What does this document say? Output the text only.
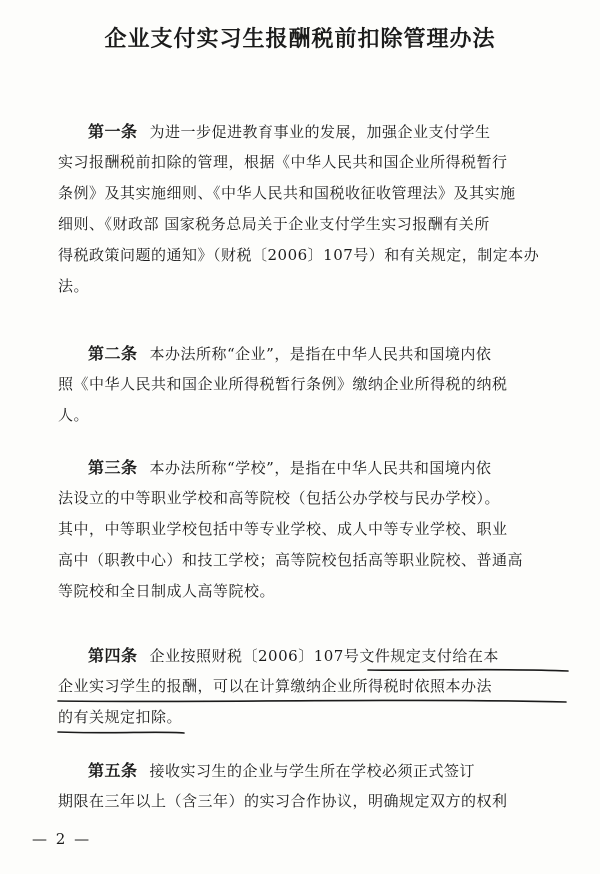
企业支付实习生报酬税前扣除管理办法
第一条 为进一步促进教育事业的发展，加强企业支付学生
实习报酬税前扣除的管理，根据《中华人民共和国企业所得税暂行
条例》及其实施细则、《中华人民共和国税收征收管理法》及其实施
细则、《财政部 国家税务总局关于企业支付学生实习报酬有关所
得税政策问题的通知》（财税〔2006〕107号）和有关规定，制定本办
法。
第二条 本办法所称“企业”，是指在中华人民共和国境内依
照《中华人民共和国企业所得税暂行条例》缴纳企业所得税的纳税
人。
第三条 本办法所称“学校”，是指在中华人民共和国境内依
法设立的中等职业学校和高等院校（包括公办学校与民办学校）。
其中，中等职业学校包括中等专业学校、成人中等专业学校、职业
高中（职教中心）和技工学校；高等院校包括高等职业院校、普通高
等院校和全日制成人高等院校。
第四条 企业按照财税〔2006〕107号文件规定支付给在本
企业实习学生的报酬，可以在计算缴纳企业所得税时依照本办法
的有关规定扣除。
第五条 接收实习生的企业与学生所在学校必须正式签订
期限在三年以上（含三年）的实习合作协议，明确规定双方的权利
— 2 —
